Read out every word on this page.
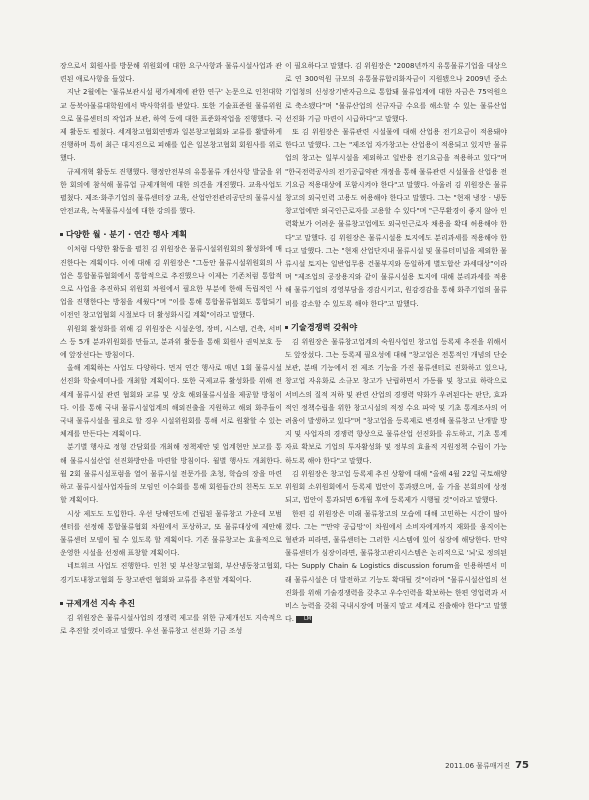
장으로서 회원사를 방문해 위원회에 대한 요구사항과 물류시설사업과 관련된 애로사항을 들었다.

지난 2월에는 '물류보관시설 평가체계에 관한 연구' 논문으로 인천대학교 동북아물류대학원에서 박사학위를 받았다. 또한 기술표준원 물류위원으로 물류센터의 작업과 보관, 하역 등에 대한 표준화작업을 진행했다. 국제 활동도 펼쳤다. 세계창고협회연맹과 일본창고협회와 교류를 활발하게 진행하며 특히 최근 대지진으로 피해를 입은 일본창고협회 회원사를 위로했다.

규제개혁 활동도 진행했다. 행정안전부의 유통물류 개선사항 발굴을 위한 회의에 참석해 물류업 규제개혁에 대한 의견을 개진했다. 교육사업도 펼쳤다. 제조·화주기업의 물류센터장 교육, 산업안전관리공단의 물류시설 안전교육, 녹색물류시설에 대한 강의를 했다.

다양한 월 · 분기 · 연간 행사 계획

이처럼 다양한 활동을 펼친 김 위원장은 물류시설위원회의 활성화에 매진한다는 계획이다. 이에 대해 김 위원장은 "그동안 물류시설위원회의 사업은 통합물류협회에서 통합적으로 추진했으나 이제는 기존처럼 통합적 으로 사업을 추진하되 위원회 차원에서 필요한 부분에 한해 독립적인 사업을 진행한다는 방침을 세웠다"며 "이를 통해 통합물류협회도 통합되기 이전인 창고업협회 시절보다 더 활성화시킬 계획"이라고 말했다.

위원회 활성화를 위해 김 위원장은 시설운영, 장비, 시스템, 건축, 서비스 등 5개 분과위원회를 만들고, 분과위 활동을 통해 회원사 권익보호 등에 앞장선다는 방침이다.

올해 계획하는 사업도 다양하다. 먼저 연간 행사로 매년 1회 물류시설선진화 학술세미나를 개최할 계획이다. 또한 국제교류 활성화를 위해 전세계 물류시설 관련 협회와 교류 및 상호 해외물류시설을 제공할 방침이다. 이를 통해 국내 물류시설업계의 해외진출을 지원하고 해외 화주들이 국내 물류시설을 필요로 할 경우 시설위원회를 통해 서로 원활할 수 있는 체계를 만든다는 계획이다.

분기별 행사로 정형 간담회를 개최해 정책제안 및 업계현안 보고를 통해 물류시설산업 선진화방안을 마련할 방침이다. 월별 행사도 개최한다. 월 2회 물류시설포럼을 열어 물류시설 전문가를 초청, 학습의 장을 마련하고 물류시설사업자들의 모임인 이수회를 통해 회원들간의 친목도 도모할 계획이다.

시상 제도도 도입한다. 우선 당해연도에 건립된 물류창고 가운데 모범 센터를 선정해 통합물류협회 차원에서 포상하고, 또 물류대상에 제안해 물류센터 모델이 될 수 있도록 할 계획이다. 기존 물류창고는 효율적으로 운영한 시설을 선정해 표창할 계획이다.

네트워크 사업도 진행한다. 인천 및 부산창고협회, 부산냉동창고협회, 경기도내창고협회 등 창고관련 협회와 교류를 추진할 계획이다.

규제개선 지속 추진

김 위원장은 물류시설사업의 경쟁력 제고를 위한 규제개선도 지속적으로 추진할 것이라고 말했다. 우선 물류창고 선진화 기금 조성

이 필요하다고 말했다. 김 위원장은 "2008년까지 유통물류기업을 대상으로 연 300억원 규모의 유통물류합리화자금이 지원됐으나 2009년 중소기업청의 신성장기반자금으로 통합돼 물류업계에 대한 자금은 75억원으로 축소됐다"며 "물류산업의 신규자금 수요를 해소할 수 있는 물류산업 선진화 기금 마련이 시급하다"고 말했다.

또 김 위원장은 물류관련 시설물에 대해 산업용 전기요금이 적용돼야 한다고 말했다. 그는 "제조업 자가창고는 산업용이 적용되고 있지만 물류업의 창고는 일부시설을 제외하고 일반용 전기요금을 적용하고 있다"며 "한국전력공사의 전기공급약관 개정을 통해 물류관련 시설물을 산업용 전기요금 적용대상에 포함시켜야 한다"고 말했다. 아울러 김 위원장은 물류창고의 외국인력 고용도 허용해야 한다고 말했다. 그는 "현재 냉장 · 냉동창고업에만 외국인근로자를 고용할 수 있다"며 "근무환경이 좋지 않아 인력확보가 어려운 물류창고업에도 외국인근로자 채용을 확대 허용해야 한다"고 말했다. 김 위원장은 물류시설용 토지에도 분리과세를 적용해야 한다고 말했다. 그는 "현재 산업단지내 물류시설 및 물류터미널을 제외한 물류시설 토지는 일반업무용 건물부지와 동일하게 별도합산 과세대상"이라며 "제조업의 공장용지와 같이 물류시설용 토지에 대해 분리과세를 적용해 물류기업의 경영부담을 경감시키고, 원감경감을 통해 화주기업의 물류비를 감소할 수 있도록 해야 한다"고 말했다.

기술경쟁력 갖춰야

김 위원장은 물류창고업계의 숙원사업인 창고업 등록제 추진을 위해서도 앞장섰다. 그는 등록제 필요성에 대해 "창고업은 전통적인 개념의 단순 보관, 분배 기능에서 전 제조 기능을 가진 물류센터로 진화하고 있으나, 창고업 자유화로 소규모 창고가 난립하면서 가동률 및 창고료 하락으로 서비스의 질적 저하 및 관련 산업의 경쟁력 약화가 우려된다는 판단, 효과적인 정책수립을 위한 창고시설의 적정 수요 파악 및 기초 통계조사의 어려움이 발생하고 있다"며 "창고업을 등록제로 변경해 물류창고 난개발 방지 및 사업자의 경쟁력 향상으로 물류산업 선진화를 유도하고, 기초 통계자료 확보로 기업의 투자활성화 및 정부의 효율적 지원정책 수립이 가능하도록 해야 한다"고 말했다.

김 위원장은 창고업 등록제 추진 상황에 대해 "올해 4월 22일 국토해양위원회 소위원회에서 등록제 법안이 통과됐으며, 올 가을 본회의에 상정되고, 법안이 통과되면 6개월 후에 등록제가 시행될 것"이라고 말했다.

한편 김 위원장은 미래 물류창고의 모습에 대해 고민하는 시간이 많아졌다. 그는 "'만약 공급망'이 차원에서 소비자에게까지 재화를 움직이는 혈관과 피라면, 물류센터는 그러한 시스템에 있어 심장에 해당한다. 만약 물류센터가 심장이라면, 물류창고관리시스템은 논리적으로 '뇌'로 정의된다는 Supply Chain & Logistics discussion forum을 인용하면서 미래 물류시설은 더 발전하고 기능도 확대될 것"이라며 "물류시설산업의 선진화를 위해 기술경쟁력을 갖추고 우수인력을 확보하는 한편 영업력과 서비스 능력을 갖춰 국내시장에 머물지 말고 세계로 진출해야 한다"고 말했다. LM

2011.06 물류매거진 75
